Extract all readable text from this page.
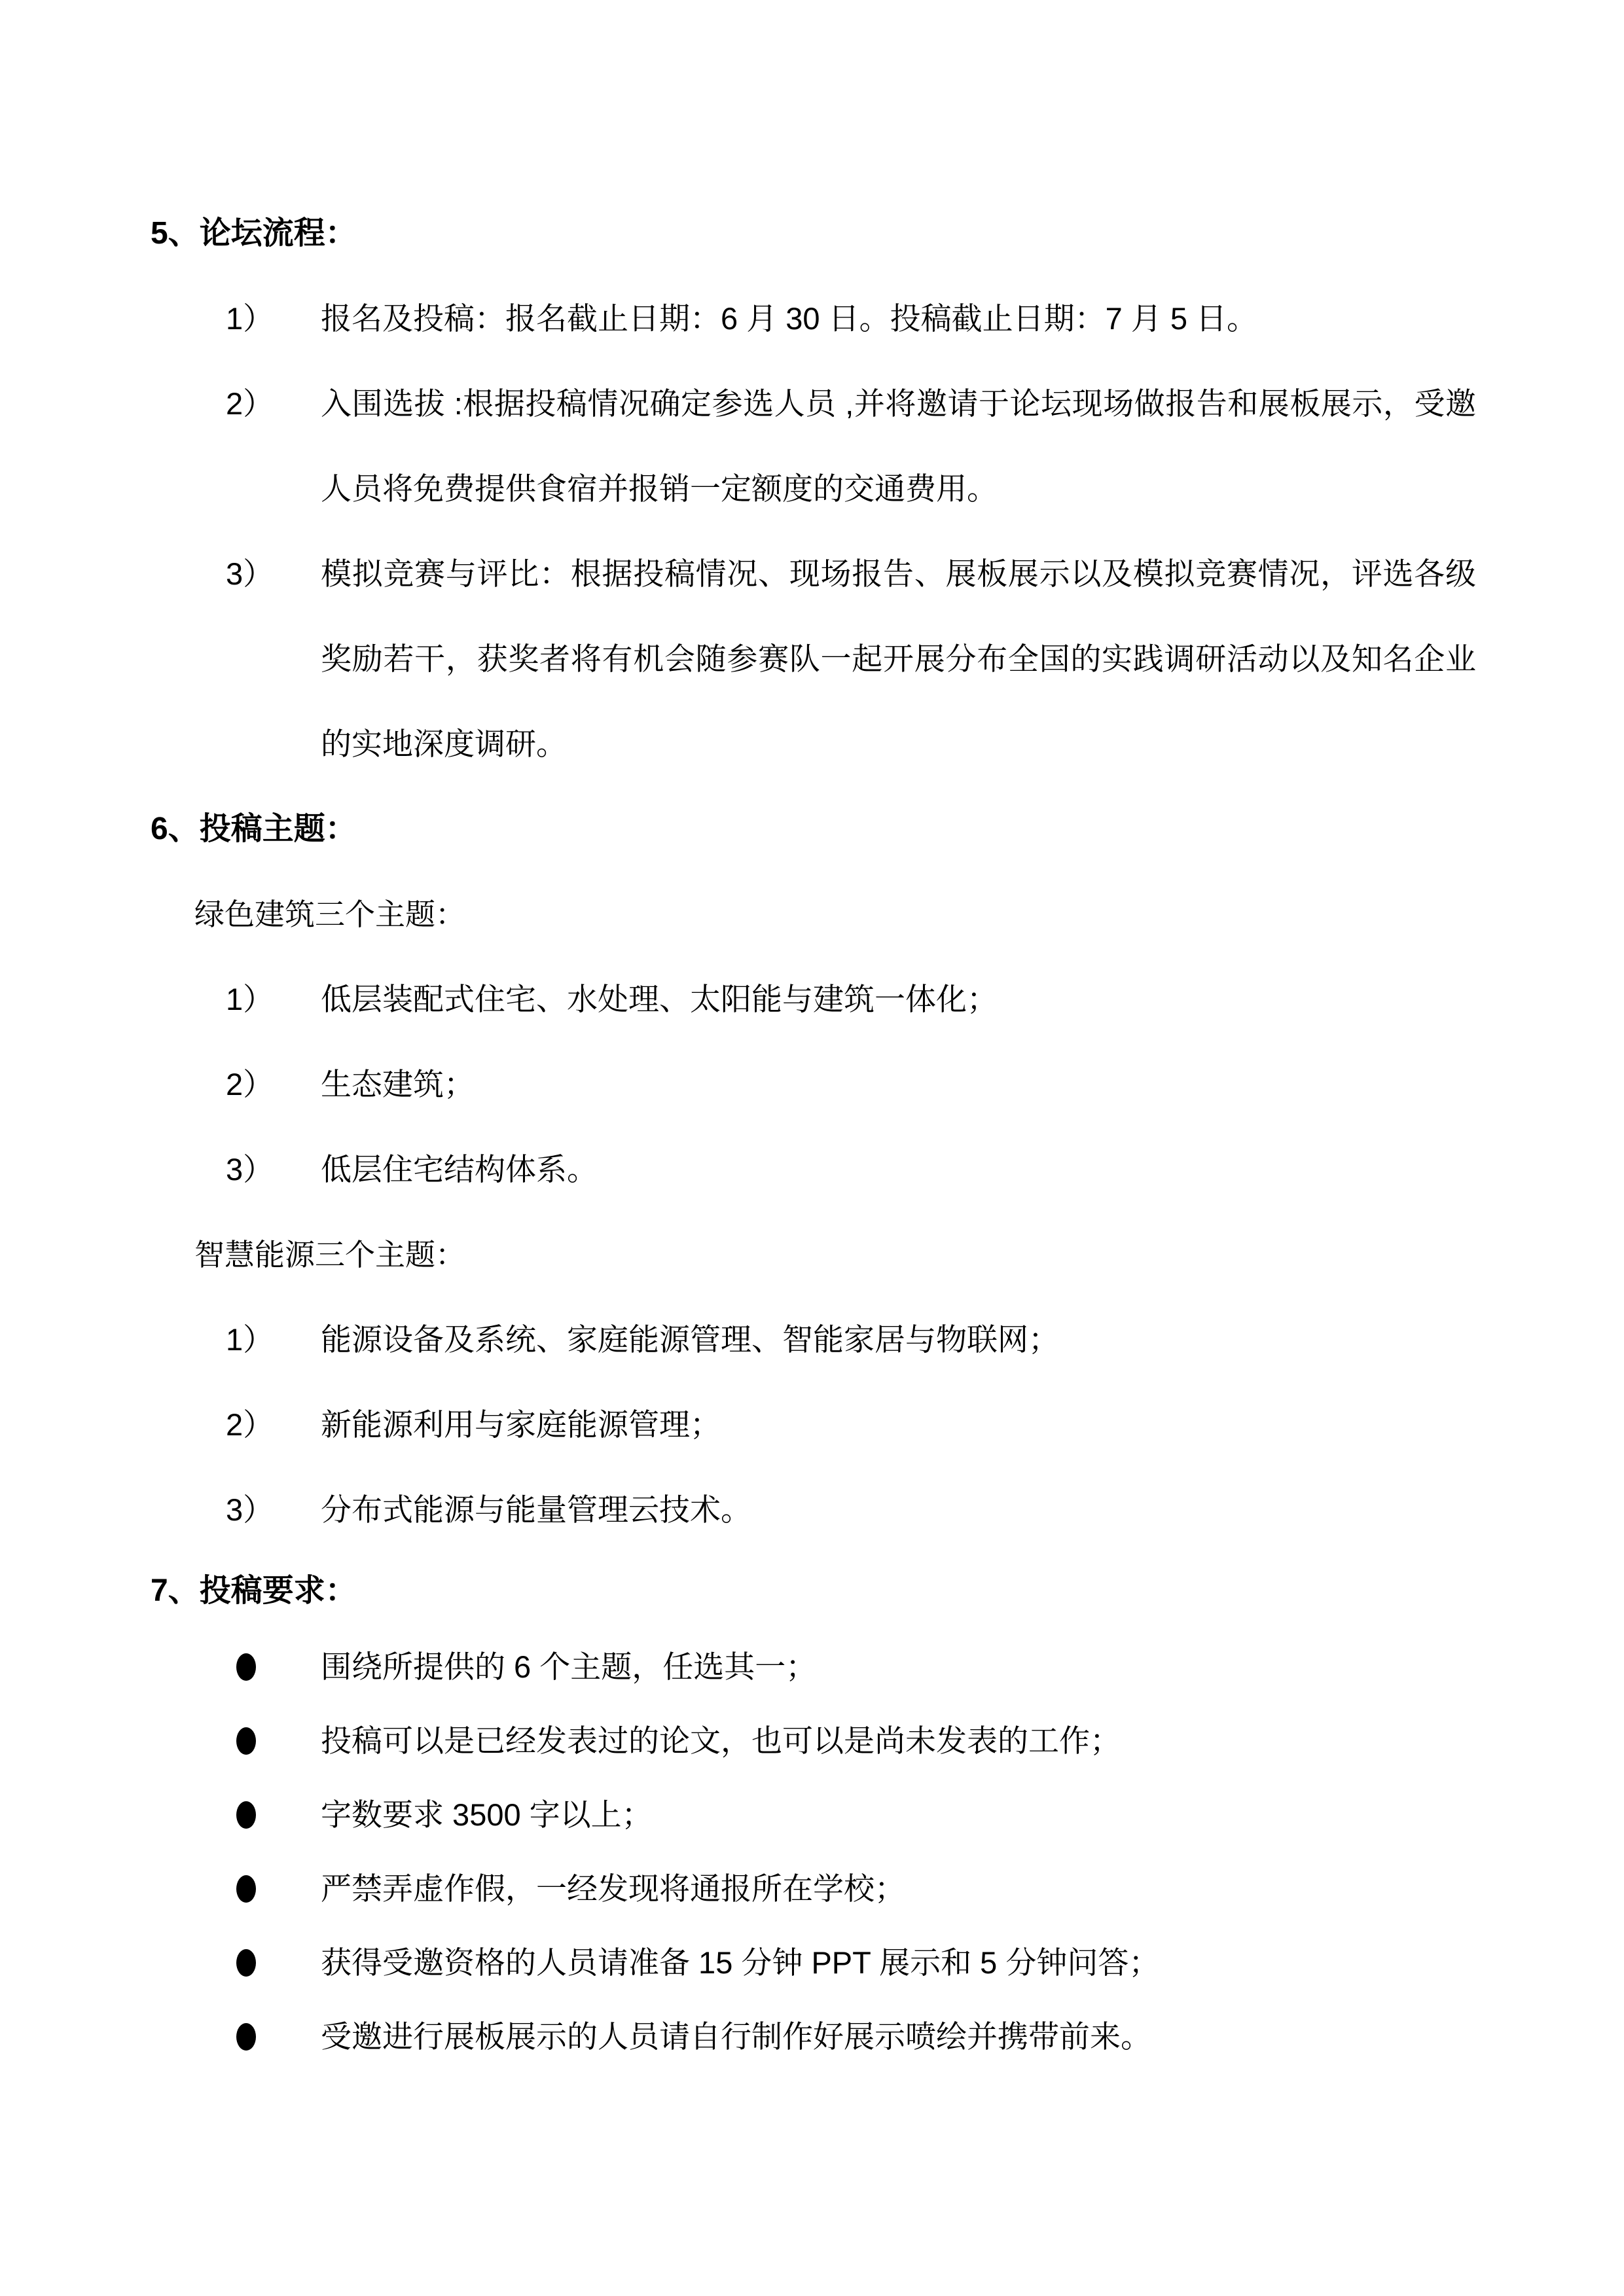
5、论坛流程：
1）	报名及投稿：报名截止日期：6 月 30 日。投稿截止日期：7 月 5 日。
2）	入围选拔 :根据投稿情况确定参选人员 ,并将邀请于论坛现场做报告和展板展示，受邀人员将免费提供食宿并报销一定额度的交通费用。
3）	模拟竞赛与评比：根据投稿情况、现场报告、展板展示以及模拟竞赛情况，评选各级奖励若干，获奖者将有机会随参赛队一起开展分布全国的实践调研活动以及知名企业的实地深度调研。
6、投稿主题：
绿色建筑三个主题：
1）	低层装配式住宅、水处理、太阳能与建筑一体化；
2）	生态建筑；
3）	低层住宅结构体系。
智慧能源三个主题：
1）	能源设备及系统、家庭能源管理、智能家居与物联网；
2）	新能源利用与家庭能源管理；
3）	分布式能源与能量管理云技术。
7、投稿要求：
围绕所提供的 6 个主题，任选其一；
投稿可以是已经发表过的论文，也可以是尚未发表的工作；
字数要求 3500 字以上；
严禁弄虚作假，一经发现将通报所在学校；
获得受邀资格的人员请准备 15 分钟 PPT 展示和 5 分钟问答；
受邀进行展板展示的人员请自行制作好展示喷绘并携带前来。
